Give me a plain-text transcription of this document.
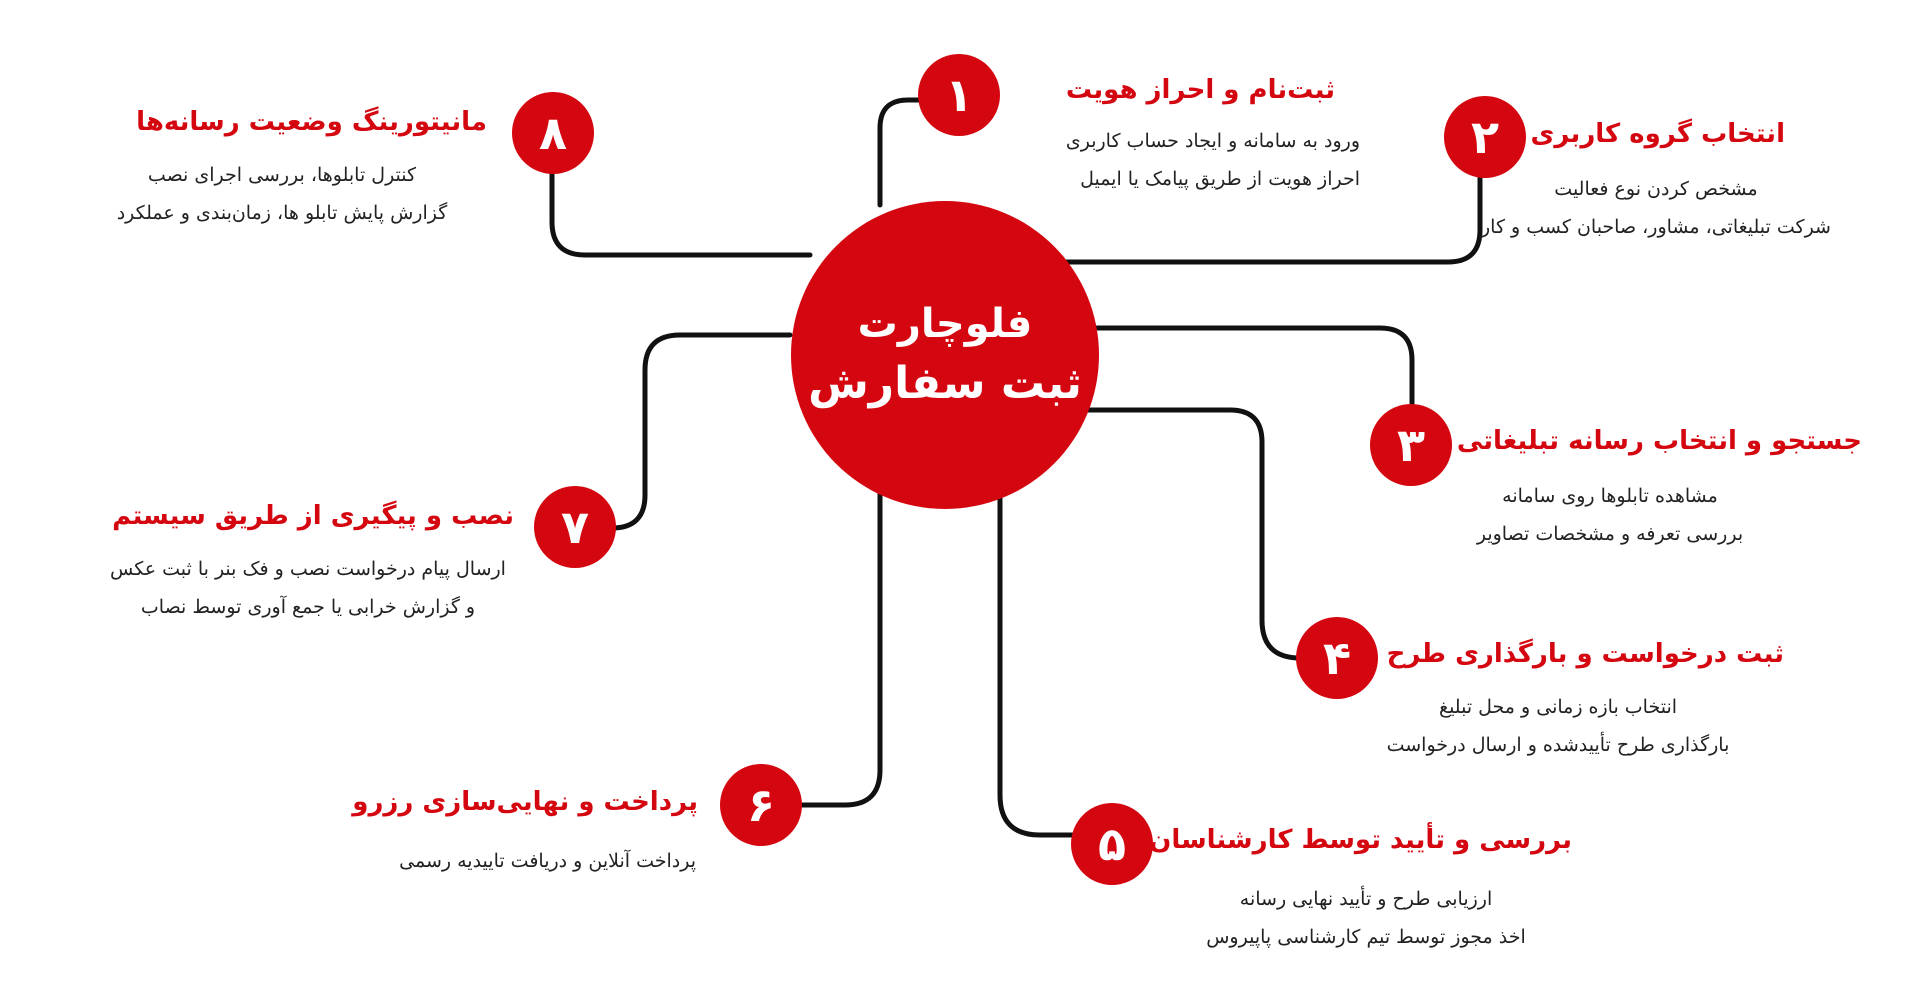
فلوچارت
ثبت سفارش
۱	ثبت‌نام و احراز هویت
ورود به سامانه و ایجاد حساب کاربری
احراز هویت از طریق پیامک یا ایمیل
۲	انتخاب گروه کاربری
مشخص کردن نوع فعالیت
شرکت تبلیغاتی، مشاور، صاحبان کسب و کار
۳	جستجو و انتخاب رسانه تبلیغاتی
مشاهده تابلوها روی سامانه
بررسی تعرفه و مشخصات تصاویر
۴	ثبت درخواست و بارگذاری طرح
انتخاب بازه زمانی و محل تبلیغ
بارگذاری طرح تأییدشده و ارسال درخواست
۵ بررسی و تأیید توسط کارشناسان
ارزیابی طرح و تأیید نهایی رسانه
اخذ مجوز توسط تیم کارشناسی پاپیروس
۶
پرداخت و نهایی‌سازی رزرو
پرداخت آنلاین و دریافت تاییدیه رسمی
۷
نصب و پیگیری از طریق سیستم
ارسال پیام درخواست نصب و فک بنر با ثبت عکس
و گزارش خرابی یا جمع آوری توسط نصاب
۸
مانیتورینگ وضعیت رسانه‌ها
کنترل تابلوها، بررسی اجرای نصب
گزارش پایش تابلو ها، زمان‌بندی و عملکرد
